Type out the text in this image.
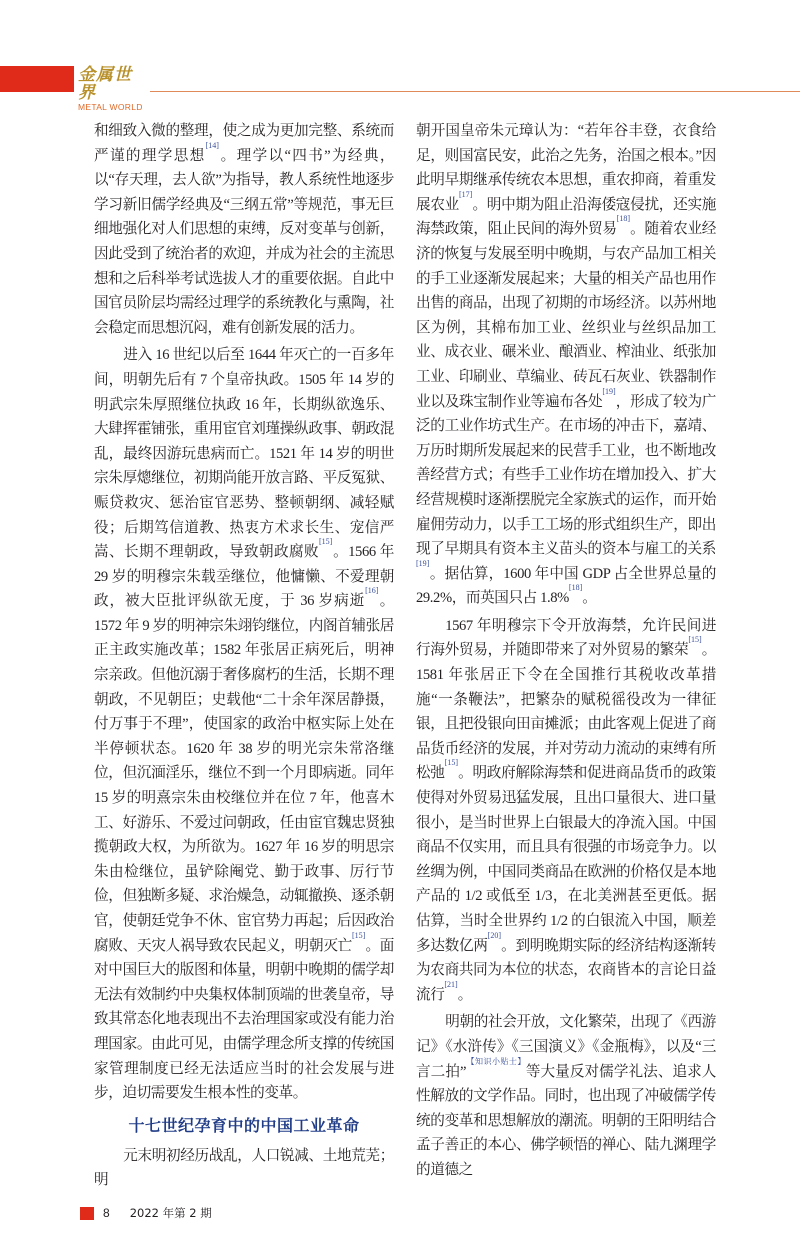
金属世界
METAL WORLD

和细致入微的整理，使之成为更加完整、系统而严谨的理学思想[14]。理学以“四书”为经典，以“存天理，去人欲”为指导，教人系统性地逐步学习新旧儒学经典及“三纲五常”等规范，事无巨细地强化对人们思想的束缚，反对变革与创新，因此受到了统治者的欢迎，并成为社会的主流思想和之后科举考试选拔人才的重要依据。自此中国官员阶层均需经过理学的系统教化与熏陶，社会稳定而思想沉闷，难有创新发展的活力。

进入 16 世纪以后至 1644 年灭亡的一百多年间，明朝先后有 7 个皇帝执政。1505 年 14 岁的明武宗朱厚照继位执政 16 年，长期纵欲逸乐、大肆挥霍铺张，重用宦官刘瑾操纵政事、朝政混乱，最终因游玩患病而亡。1521 年 14 岁的明世宗朱厚熜继位，初期尚能开放言路、平反冤狱、赈贷救灾、惩治宦官恶势、整顿朝纲、减轻赋役；后期笃信道教、热衷方术求长生、宠信严嵩、长期不理朝政，导致朝政腐败[15]。1566 年 29 岁的明穆宗朱载坖继位，他慵懒、不爱理朝政，被大臣批评纵欲无度，于 36 岁病逝[16]。1572 年 9 岁的明神宗朱翊钧继位，内阁首辅张居正主政实施改革；1582 年张居正病死后，明神宗亲政。但他沉溺于奢侈腐朽的生活，长期不理朝政，不见朝臣；史载他“二十余年深居静摄，付万事于不理”，使国家的政治中枢实际上处在半停顿状态。1620 年 38 岁的明光宗朱常洛继位，但沉湎淫乐，继位不到一个月即病逝。同年 15 岁的明熹宗朱由校继位并在位 7 年，他喜木工、好游乐、不爱过问朝政，任由宦官魏忠贤独揽朝政大权，为所欲为。1627 年 16 岁的明思宗朱由检继位，虽铲除阉党、勤于政事、厉行节俭，但独断多疑、求治燥急，动辄撤换、逐杀朝官，使朝廷党争不休、宦官势力再起；后因政治腐败、天灾人祸导致农民起义，明朝灭亡[15]。面对中国巨大的版图和体量，明朝中晚期的儒学却无法有效制约中央集权体制顶端的世袭皇帝，导致其常态化地表现出不去治理国家或没有能力治理国家。由此可见，由儒学理念所支撑的传统国家管理制度已经无法适应当时的社会发展与进步，迫切需要发生根本性的变革。

十七世纪孕育中的中国工业革命

元末明初经历战乱，人口锐减、土地荒芜；明

朝开国皇帝朱元璋认为：“若年谷丰登，衣食给足，则国富民安，此治之先务，治国之根本。”因此明早期继承传统农本思想，重农抑商，着重发展农业[17]。明中期为阻止沿海倭寇侵扰，还实施海禁政策，阻止民间的海外贸易[18]。随着农业经济的恢复与发展至明中晚期，与农产品加工相关的手工业逐渐发展起来；大量的相关产品也用作出售的商品，出现了初期的市场经济。以苏州地区为例，其棉布加工业、丝织业与丝织品加工业、成衣业、碾米业、酿酒业、榨油业、纸张加工业、印刷业、草编业、砖瓦石灰业、铁器制作业以及珠宝制作业等遍布各处[19]，形成了较为广泛的工业作坊式生产。在市场的冲击下，嘉靖、万历时期所发展起来的民营手工业，也不断地改善经营方式；有些手工业作坊在增加投入、扩大经营规模时逐渐摆脱完全家族式的运作，而开始雇佣劳动力，以手工工场的形式组织生产，即出现了早期具有资本主义苗头的资本与雇工的关系[19]。据估算，1600 年中国 GDP 占全世界总量的 29.2%，而英国只占 1.8%[18]。

1567 年明穆宗下令开放海禁，允许民间进行海外贸易，并随即带来了对外贸易的繁荣[15]。1581 年张居正下令在全国推行其税收改革措施“一条鞭法”，把繁杂的赋税徭役改为一律征银，且把役银向田亩摊派；由此客观上促进了商品货币经济的发展，并对劳动力流动的束缚有所松弛[15]。明政府解除海禁和促进商品货币的政策使得对外贸易迅猛发展，且出口量很大、进口量很小，是当时世界上白银最大的净流入国。中国商品不仅实用，而且具有很强的市场竞争力。以丝绸为例，中国同类商品在欧洲的价格仅是本地产品的 1/2 或低至 1/3，在北美洲甚至更低。据估算，当时全世界约 1/2 的白银流入中国，顺差多达数亿两[20]。到明晚期实际的经济结构逐渐转为农商共同为本位的状态，农商皆本的言论日益流行[21]。

明朝的社会开放，文化繁荣，出现了《西游记》《水浒传》《三国演义》《金瓶梅》，以及“三言二拍”$^{【知识小贴士】}$等大量反对儒学礼法、追求人性解放的文学作品。同时，也出现了冲破儒学传统的变革和思想解放的潮流。明朝的王阳明结合孟子善正的本心、佛学顿悟的禅心、陆九渊理学的道德之

8 2022 年第 2 期
